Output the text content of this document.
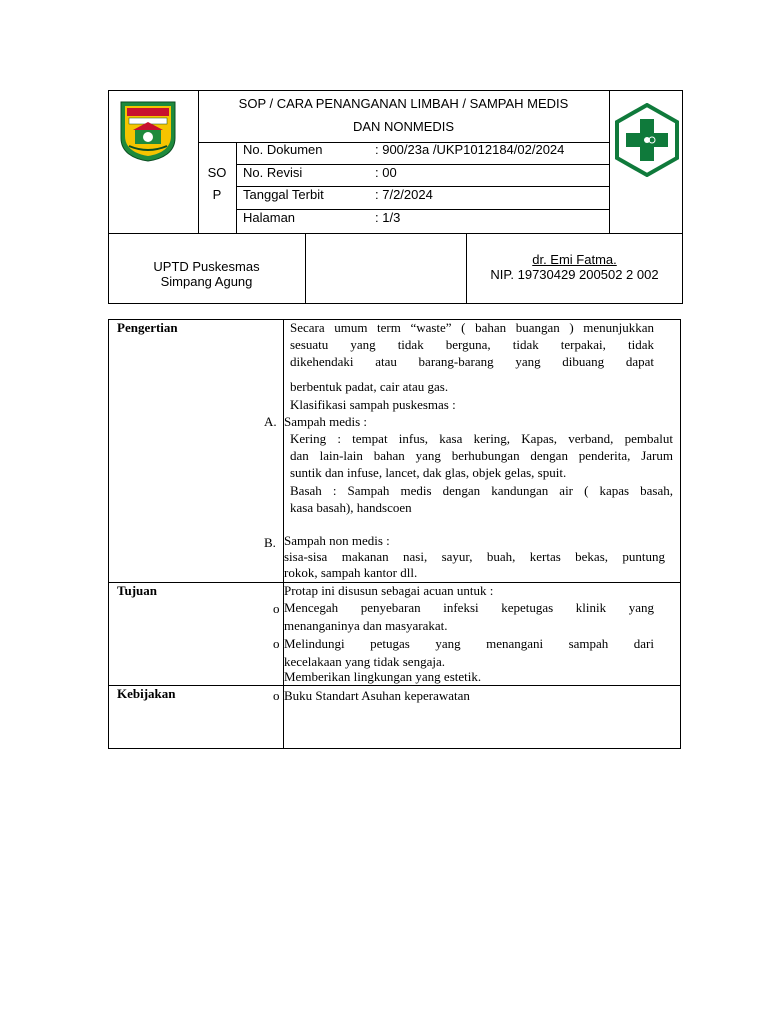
SOP / CARA PENANGANAN LIMBAH / SAMPAH MEDIS
DAN NONMEDIS
SO
P
No. Dokumen	: 900/23a /UKP1012184/02/2024
No. Revisi	: 00
Tanggal Terbit	: 7/2/2024
Halaman	: 1/3
UPTD Puskesmas
Simpang Agung
dr. Emi Fatma.
NIP. 19730429 200502 2 002
Pengertian	Secara umum term “waste” ( bahan buangan ) menunjukkan
sesuatu yang tidak berguna, tidak terpakai, tidak
dikehendaki atau barang-barang yang dibuang dapat
berbentuk padat, cair atau gas.
Klasifikasi sampah puskesmas :
A. Sampah medis :
Kering : tempat infus, kasa kering, Kapas, verband, pembalut
dan lain-lain bahan yang berhubungan dengan penderita, Jarum
suntik dan infuse, lancet, dak glas, objek gelas, spuit.
Basah : Sampah medis dengan kandungan air ( kapas basah,
kasa basah), handscoen
B. Sampah non medis :
sisa-sisa makanan nasi, sayur, buah, kertas bekas, puntung
rokok, sampah kantor dll.
Tujuan	Protap ini disusun sebagai acuan untuk :
o Mencegah penyebaran infeksi kepetugas klinik yang
menanganinya dan masyarakat.
o Melindungi petugas yang menangani sampah dari
kecelakaan yang tidak sengaja.
Memberikan lingkungan yang estetik.
Kebijakan	o Buku Standart Asuhan keperawatan
